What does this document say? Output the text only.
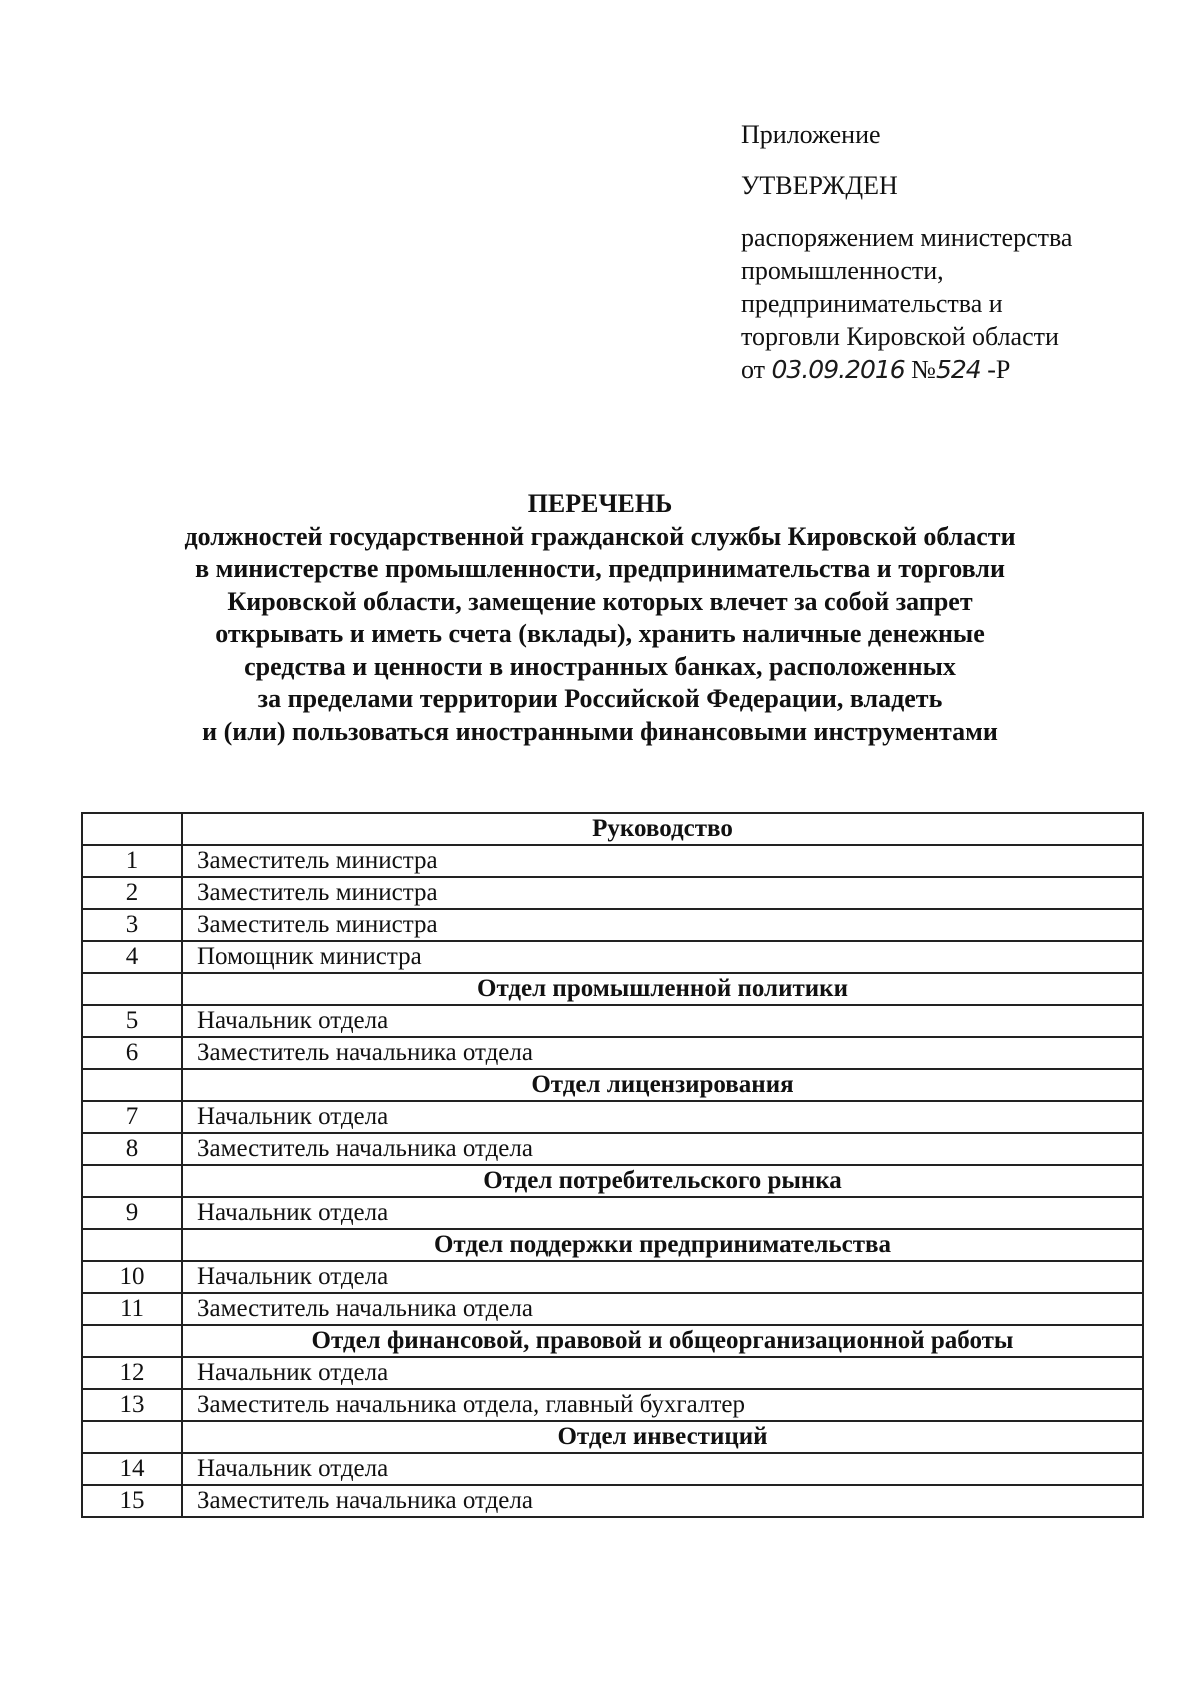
Приложение
УТВЕРЖДЕН
распоряжением министерства
промышленности,
предпринимательства и
торговли Кировской области
от 03.09.2016 №524 -Р
ПЕРЕЧЕНЬ
должностей государственной гражданской службы Кировской области
в министерстве промышленности, предпринимательства и торговли
Кировской области, замещение которых влечет за собой запрет
открывать и иметь счета (вклады), хранить наличные денежные
средства и ценности в иностранных банках, расположенных
за пределами территории Российской Федерации, владеть
и (или) пользоваться иностранными финансовыми инструментами
	Руководство
1	Заместитель министра
2	Заместитель министра
3	Заместитель министра
4	Помощник министра
	Отдел промышленной политики
5	Начальник отдела
6	Заместитель начальника отдела
	Отдел лицензирования
7	Начальник отдела
8	Заместитель начальника отдела
	Отдел потребительского рынка
9	Начальник отдела
	Отдел поддержки предпринимательства
10	Начальник отдела
11	Заместитель начальника отдела
	Отдел финансовой, правовой и общеорганизационной работы
12	Начальник отдела
13	Заместитель начальника отдела, главный бухгалтер
	Отдел инвестиций
14	Начальник отдела
15	Заместитель начальника отдела
